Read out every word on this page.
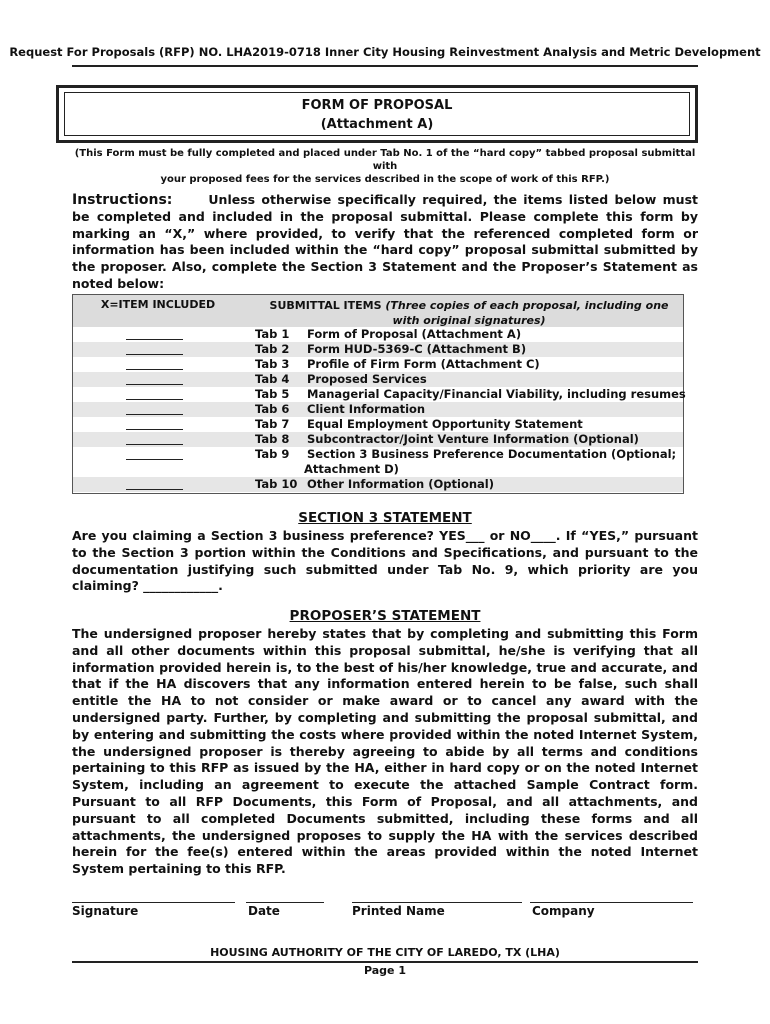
Request For Proposals (RFP) NO. LHA2019-0718 Inner City Housing Reinvestment Analysis and Metric Development
FORM OF PROPOSAL
(Attachment A)
(This Form must be fully completed and placed under Tab No. 1 of the “hard copy” tabbed proposal submittal with
your proposed fees for the services described in the scope of work of this RFP.)
Instructions:	Unless otherwise specifically required, the items listed below must be completed and included in the proposal submittal. Please complete this form by marking an “X,” where provided, to verify that the referenced completed form or information has been included within the “hard copy” proposal submittal submitted by the proposer. Also, complete the Section 3 Statement and the Proposer’s Statement as noted below:
X=ITEM INCLUDED	SUBMITTAL ITEMS (Three copies of each proposal, including one with original signatures)
Tab 1 Form of Proposal (Attachment A)
Tab 2 Form HUD-5369-C (Attachment B)
Tab 3 Profile of Firm Form (Attachment C)
Tab 4 Proposed Services
Tab 5 Managerial Capacity/Financial Viability, including resumes
Tab 6 Client Information
Tab 7 Equal Employment Opportunity Statement
Tab 8 Subcontractor/Joint Venture Information (Optional)
Tab 9 Section 3 Business Preference Documentation (Optional;
Attachment D)
Tab 10 Other Information (Optional)
SECTION 3 STATEMENT
Are you claiming a Section 3 business preference? YES___ or NO____. If “YES,” pursuant to the Section 3 portion within the Conditions and Specifications, and pursuant to the documentation justifying such submitted under Tab No. 9, which priority are you claiming? ____________.
PROPOSER’S STATEMENT
The undersigned proposer hereby states that by completing and submitting this Form and all other documents within this proposal submittal, he/she is verifying that all information provided herein is, to the best of his/her knowledge, true and accurate, and that if the HA discovers that any information entered herein to be false, such shall entitle the HA to not consider or make award or to cancel any award with the undersigned party. Further, by completing and submitting the proposal submittal, and by entering and submitting the costs where provided within the noted Internet System, the undersigned proposer is thereby agreeing to abide by all terms and conditions pertaining to this RFP as issued by the HA, either in hard copy or on the noted Internet System, including an agreement to execute the attached Sample Contract form. Pursuant to all RFP Documents, this Form of Proposal, and all attachments, and pursuant to all completed Documents submitted, including these forms and all attachments, the undersigned proposes to supply the HA with the services described herein for the fee(s) entered within the areas provided within the noted Internet System pertaining to this RFP.
Signature	Date	Printed Name	Company
HOUSING AUTHORITY OF THE CITY OF LAREDO, TX (LHA)
Page 1
